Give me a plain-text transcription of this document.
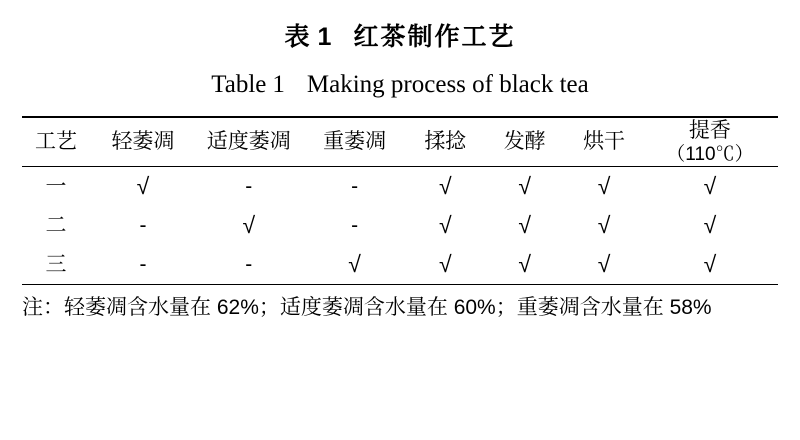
表 1 红茶制作工艺
Table 1 Making process of black tea
工艺	轻萎凋	适度萎凋	重萎凋	揉捻	发酵	烘干	提香
（110℃）

一	√	-	-	√	√	√	√
二	-	√	-	√	√	√	√
三	-	-	√	√	√	√	√
注：轻萎凋含水量在 62%；适度萎凋含水量在 60%；重萎凋含水量在 58%
